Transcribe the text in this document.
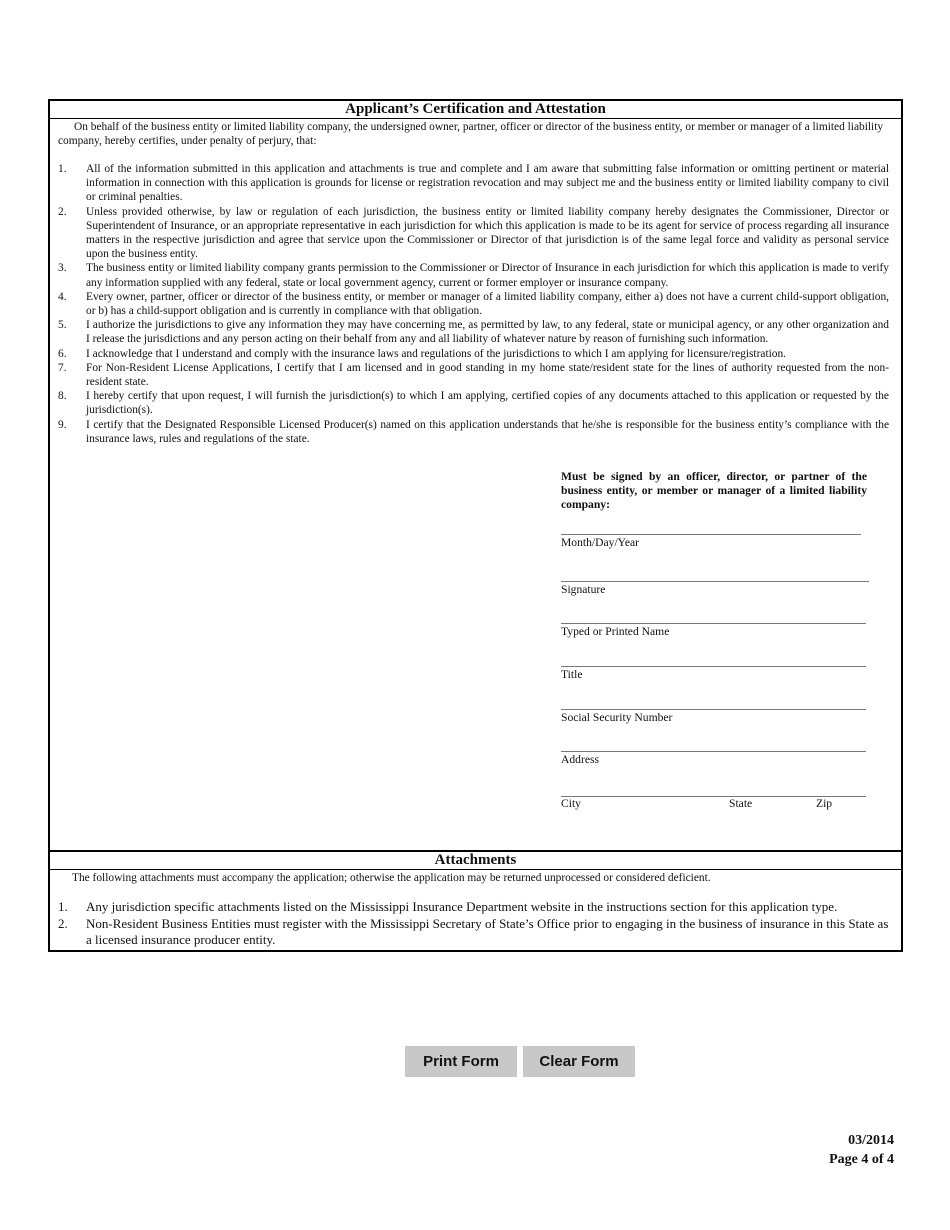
Applicant’s Certification and Attestation
On behalf of the business entity or limited liability company, the undersigned owner, partner, officer or director of the business entity, or member or manager of a limited liability company, hereby certifies, under penalty of perjury, that:
1.	All of the information submitted in this application and attachments is true and complete and I am aware that submitting false information or omitting pertinent or material information in connection with this application is grounds for license or registration revocation and may subject me and the business entity or limited liability company to civil or criminal penalties.
2.	Unless provided otherwise, by law or regulation of each jurisdiction, the business entity or limited liability company hereby designates the Commissioner, Director or Superintendent of Insurance, or an appropriate representative in each jurisdiction for which this application is made to be its agent for service of process regarding all insurance matters in the respective jurisdiction and agree that service upon the Commissioner or Director of that jurisdiction is of the same legal force and validity as personal service upon the business entity.
3.	The business entity or limited liability company grants permission to the Commissioner or Director of Insurance in each jurisdiction for which this application is made to verify any information supplied with any federal, state or local government agency, current or former employer or insurance company.
4.	Every owner, partner, officer or director of the business entity, or member or manager of a limited liability company, either a) does not have a current child-support obligation, or b) has a child-support obligation and is currently in compliance with that obligation.
5.	I authorize the jurisdictions to give any information they may have concerning me, as permitted by law, to any federal, state or municipal agency, or any other organization and I release the jurisdictions and any person acting on their behalf from any and all liability of whatever nature by reason of furnishing such information.
6.	I acknowledge that I understand and comply with the insurance laws and regulations of the jurisdictions to which I am applying for licensure/registration.
7.	For Non-Resident License Applications, I certify that I am licensed and in good standing in my home state/resident state for the lines of authority requested from the non-resident state.
8.	I hereby certify that upon request, I will furnish the jurisdiction(s) to which I am applying, certified copies of any documents attached to this application or requested by the jurisdiction(s).
9.	I certify that the Designated Responsible Licensed Producer(s) named on this application understands that he/she is responsible for the business entity’s compliance with the insurance laws, rules and regulations of the state.
Must be signed by an officer, director, or partner of the business entity, or member or manager of a limited liability company:
Month/Day/Year
Signature
Typed or Printed Name
Title
Social Security Number
Address
City	State	Zip
Attachments
The following attachments must accompany the application; otherwise the application may be returned unprocessed or considered deficient.
1.	Any jurisdiction specific attachments listed on the Mississippi Insurance Department website in the instructions section for this application type.
2.	Non-Resident Business Entities must register with the Mississippi Secretary of State’s Office prior to engaging in the business of insurance in this State as a licensed insurance producer entity.
Print Form	Clear Form
03/2014
Page 4 of 4
